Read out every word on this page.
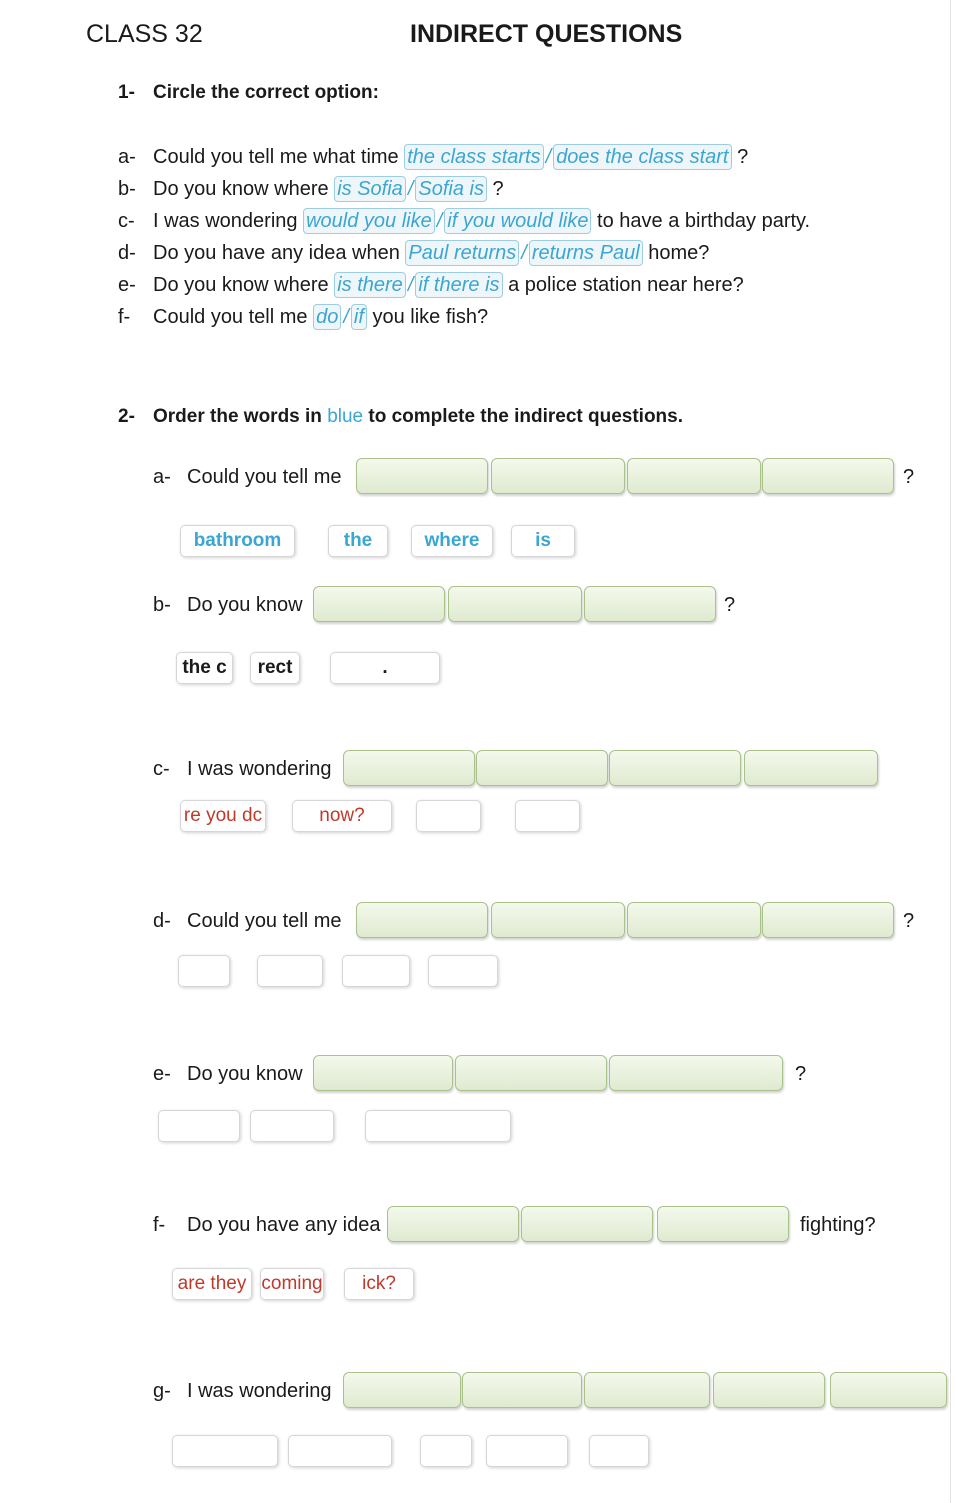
CLASS 32	INDIRECT QUESTIONS
1- Circle the correct option:
a- Could you tell me what time the class starts / does the class start ?
b- Do you know where is Sofia / Sofia is ?
c- I was wondering would you like / if you would like to have a birthday party.
d- Do you have any idea when Paul returns / returns Paul home?
e- Do you know where is there / if there is a police station near here?
f- Could you tell me do / if you like fish?
2- Order the words in blue to complete the indirect questions.
a- Could you tell me	?
bathroom	the	where	is
b- Do you know	?
the c	rect	.
c- I was wondering
re you dc	now?
d- Could you tell me	?
e- Do you know	?
f- Do you have any idea	fighting?
are they coming	ick?
g- I was wondering
